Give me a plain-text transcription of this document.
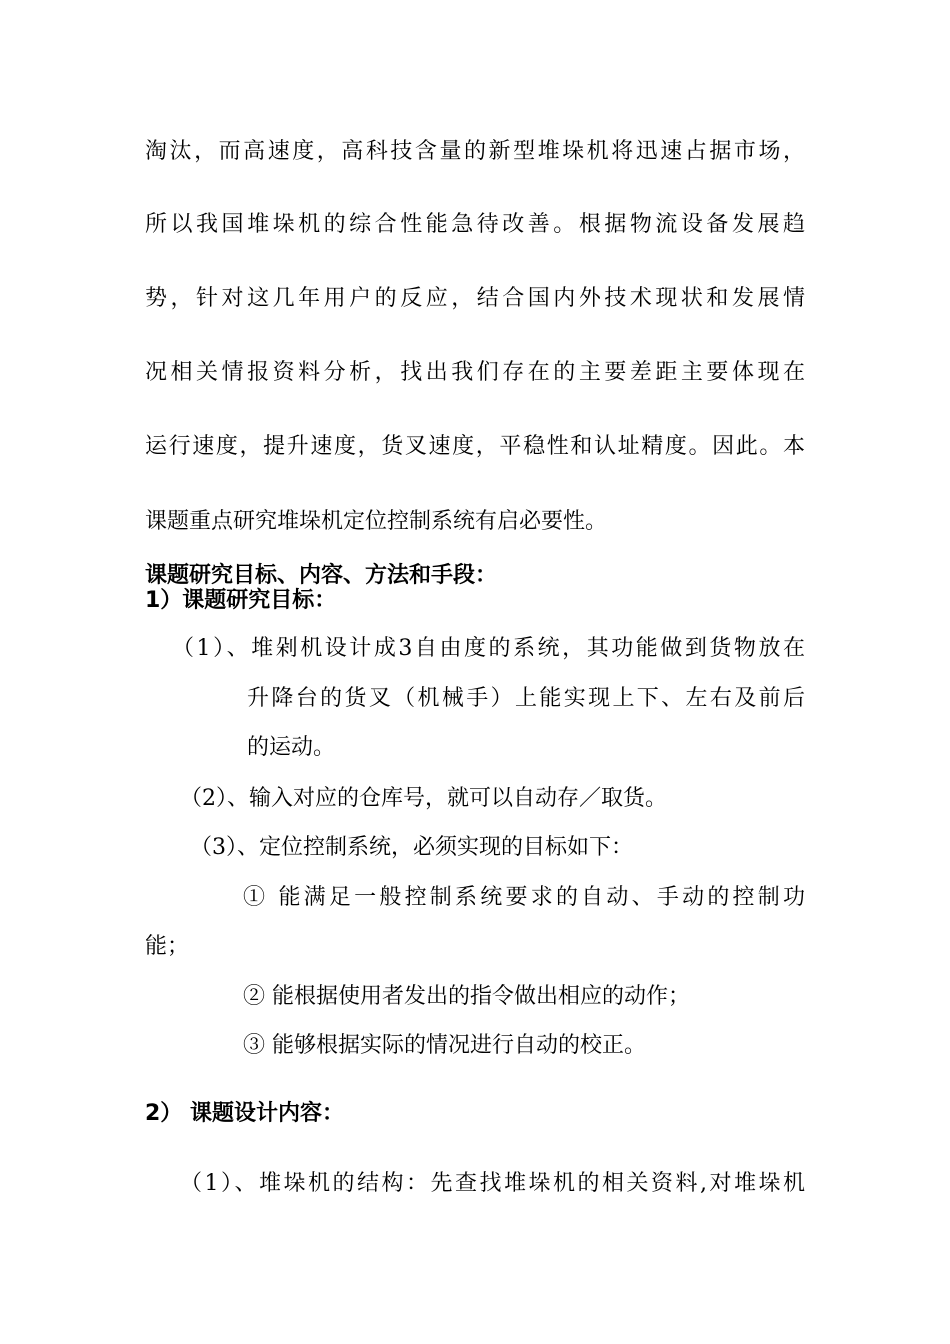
淘汰，而高速度，高科技含量的新型堆垛机将迅速占据市场，
所以我国堆垛机的综合性能急待改善。根据物流设备发展趋
势，针对这几年用户的反应，结合国内外技术现状和发展情
况相关情报资料分析，找出我们存在的主要差距主要体现在
运行速度，提升速度，货叉速度，平稳性和认址精度。因此。本
课题重点研究堆垛机定位控制系统有启必要性。
课题研究目标、内容、方法和手段：
1）课题研究目标：
（1）、堆剁机设计成3自由度的系统，其功能做到货物放在
升降台的货叉（机械手）上能实现上下、左右及前后
的运动。
（2）、输入对应的仓库号，就可以自动存／取货。
（3）、定位控制系统，必须实现的目标如下：
① 能满足一般控制系统要求的自动、手动的控制功
能；
② 能根据使用者发出的指令做出相应的动作；
③ 能够根据实际的情况进行自动的校正。
2） 课题设计内容：
（1）、堆垛机的结构：先查找堆垛机的相关资料,对堆垛机
